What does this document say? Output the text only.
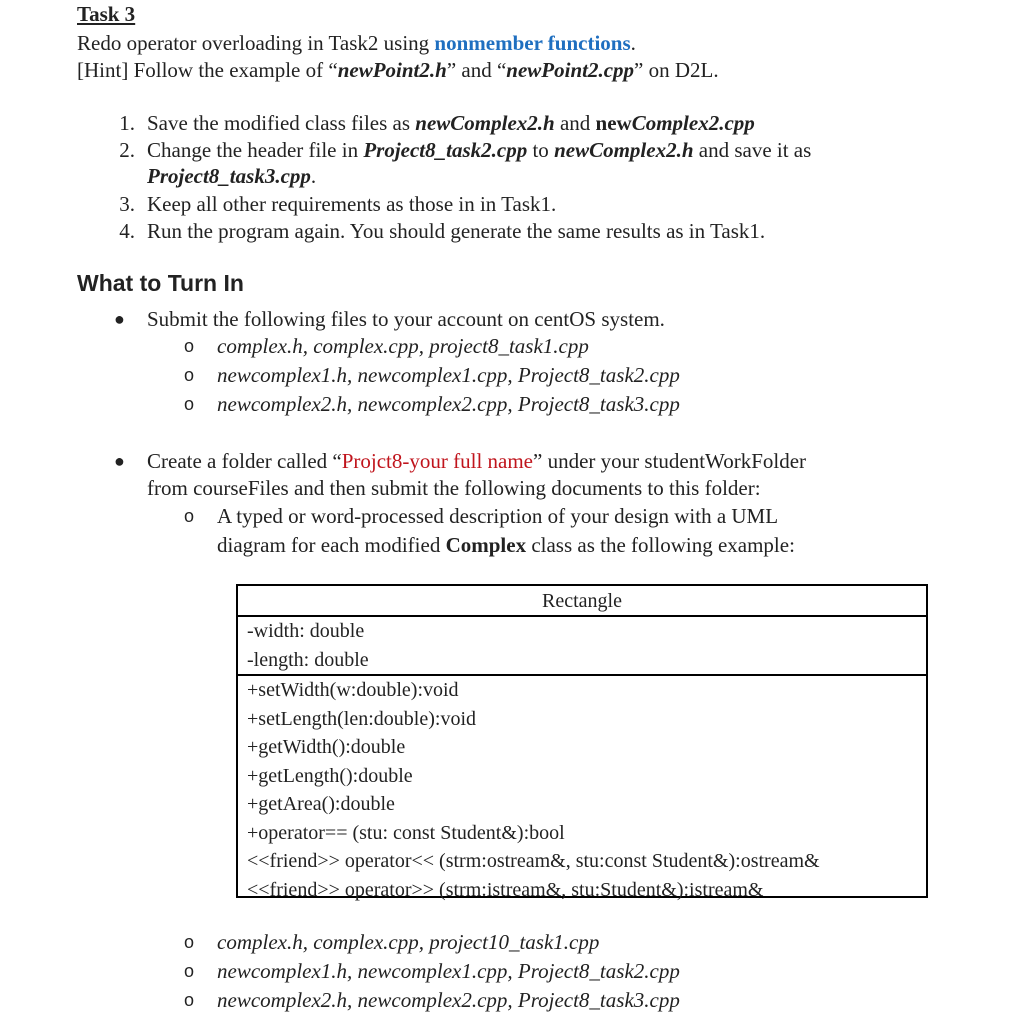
Task 3
Redo operator overloading in Task2 using nonmember functions.
[Hint] Follow the example of “newPoint2.h” and “newPoint2.cpp” on D2L.
1. Save the modified class files as newComplex2.h and newComplex2.cpp
2. Change the header file in Project8_task2.cpp to newComplex2.h and save it as
Project8_task3.cpp.
3. Keep all other requirements as those in in Task1.
4. Run the program again. You should generate the same results as in Task1.
What to Turn In
● Submit the following files to your account on centOS system.
o complex.h, complex.cpp, project8_task1.cpp
o newcomplex1.h, newcomplex1.cpp, Project8_task2.cpp
o newcomplex2.h, newcomplex2.cpp, Project8_task3.cpp
● Create a folder called “Projct8-your full name” under your studentWorkFolder
from courseFiles and then submit the following documents to this folder:
o A typed or word-processed description of your design with a UML
diagram for each modified Complex class as the following example:
Rectangle
-width: double
-length: double
+setWidth(w:double):void
+setLength(len:double):void
+getWidth():double
+getLength():double
+getArea():double
+operator== (stu: const Student&):bool
<<friend>> operator<< (strm:ostream&, stu:const Student&):ostream&
<<friend>> operator>> (strm:istream&, stu:Student&):istream&
o complex.h, complex.cpp, project10_task1.cpp
o newcomplex1.h, newcomplex1.cpp, Project8_task2.cpp
o newcomplex2.h, newcomplex2.cpp, Project8_task3.cpp
